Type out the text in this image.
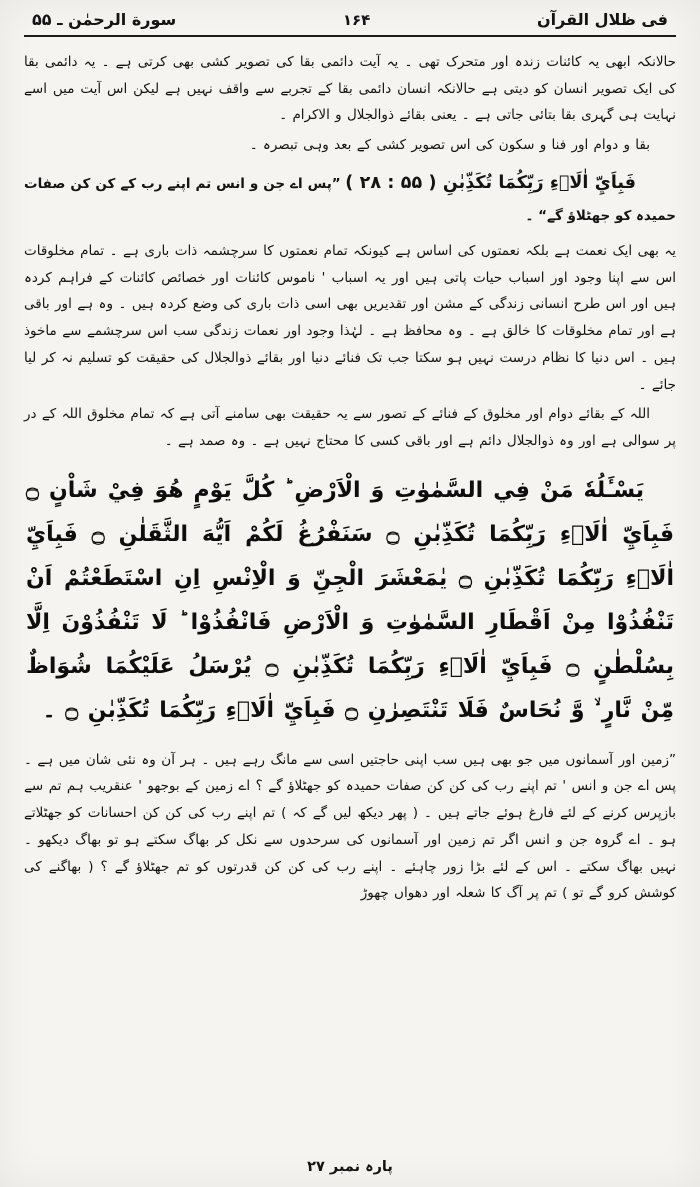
فی ظلال القرآن
۱۶۴
سورة الرحمٰن ـ ۵۵

حالانکہ ابھی یہ کائنات زندہ اور متحرک تھی ۔ یہ آیت دائمی بقا کی تصویر کشی بھی کرتی ہے ۔ یہ دائمی بقا کی ایک تصویر انسان کو دیتی ہے حالانکہ انسان دائمی بقا کے تجربے سے واقف نہیں ہے لیکن اس آیت میں اسے نہایت ہی گہری بقا بتائی جاتی ہے ۔ یعنی بقائے ذوالجلال و الاکرام ۔

بقا و دوام اور فنا و سکون کی اس تصویر کشی کے بعد وہی تبصرہ ۔

فَبِاَيِّ اٰلَاۗءِ رَبِّكُمَا تُكَذِّبٰنِ ( ۵۵ : ۲۸ ) ”پس اے جن و انس تم اپنے رب کے کن کن صفات حمیدہ کو جھٹلاؤ گے“ ۔

یہ بھی ایک نعمت ہے بلکہ نعمتوں کی اساس ہے کیونکہ تمام نعمتوں کا سرچشمہ ذات باری ہے ۔ تمام مخلوقات اس سے اپنا وجود اور اسباب حیات پاتی ہیں اور یہ اسباب ' ناموس کائنات اور خصائص کائنات کے فراہم کردہ ہیں اور اس طرح انسانی زندگی کے مشن اور تقدیریں بھی اسی ذات باری کی وضع کردہ ہیں ۔ وہ ہے اور باقی ہے اور تمام مخلوقات کا خالق ہے ۔ وہ محافظ ہے ۔ لہٰذا وجود اور نعمات زندگی سب اس سرچشمے سے ماخوذ ہیں ۔ اس دنیا کا نظام درست نہیں ہو سکتا جب تک فنائے دنیا اور بقائے ذوالجلال کی حقیقت کو تسلیم نہ کر لیا جائے ۔

اللہ کے بقائے دوام اور مخلوق کے فنائے کے تصور سے یہ حقیقت بھی سامنے آتی ہے کہ تمام مخلوق اللہ کے در پر سوالی ہے اور وہ ذوالجلال دائم ہے اور باقی کسی کا محتاج نہیں ہے ۔ وہ صمد ہے ۔

يَسْـَٔلُهٗ مَنْ فِي السَّمٰوٰتِ وَ الْاَرْضِ ؕ كُلَّ يَوْمٍ هُوَ فِيْ شَاْنٍ ۝ فَبِاَيِّ اٰلَاۗءِ رَبِّكُمَا تُكَذِّبٰنِ ۝ سَنَفْرُغُ لَكُمْ اَيُّهَ الثَّقَلٰنِ ۝ فَبِاَيِّ اٰلَاۗءِ رَبِّكُمَا تُكَذِّبٰنِ ۝ يٰمَعْشَرَ الْجِنِّ وَ الْاِنْسِ اِنِ اسْتَطَعْتُمْ اَنْ تَنْفُذُوْا مِنْ اَقْطَارِ السَّمٰوٰتِ وَ الْاَرْضِ فَانْفُذُوْا ؕ لَا تَنْفُذُوْنَ اِلَّا بِسُلْطٰنٍ ۝ فَبِاَيِّ اٰلَاۗءِ رَبِّكُمَا تُكَذِّبٰنِ ۝ يُرْسَلُ عَلَيْكُمَا شُوَاظٌ مِّنْ نَّارٍ ۙ وَّ نُحَاسٌ فَلَا تَنْتَصِرٰنِ ۝ فَبِاَيِّ اٰلَاۗءِ رَبِّكُمَا تُكَذِّبٰنِ ۝ ۔

”زمین اور آسمانوں میں جو بھی ہیں سب اپنی حاجتیں اسی سے مانگ رہے ہیں ۔ ہر آن وہ نئی شان میں ہے ۔ پس اے جن و انس ' تم اپنے رب کی کن کن صفات حمیدہ کو جھٹلاؤ گے ؟ اے زمین کے بوجھو ' عنقریب ہم تم سے بازپرس کرنے کے لئے فارغ ہوئے جاتے ہیں ۔ ( پھر دیکھ لیں گے کہ ) تم اپنے رب کی کن کن احسانات کو جھٹلاتے ہو ۔ اے گروہ جن و انس اگر تم زمین اور آسمانوں کی سرحدوں سے نکل کر بھاگ سکتے ہو تو بھاگ دیکھو ۔ نہیں بھاگ سکتے ۔ اس کے لئے بڑا زور چاہئے ۔ اپنے رب کی کن کن قدرتوں کو تم جھٹلاؤ گے ؟ ( بھاگنے کی کوشش کرو گے تو ) تم پر آگ کا شعلہ اور دھواں چھوڑ

پارہ نمبر ۲۷
